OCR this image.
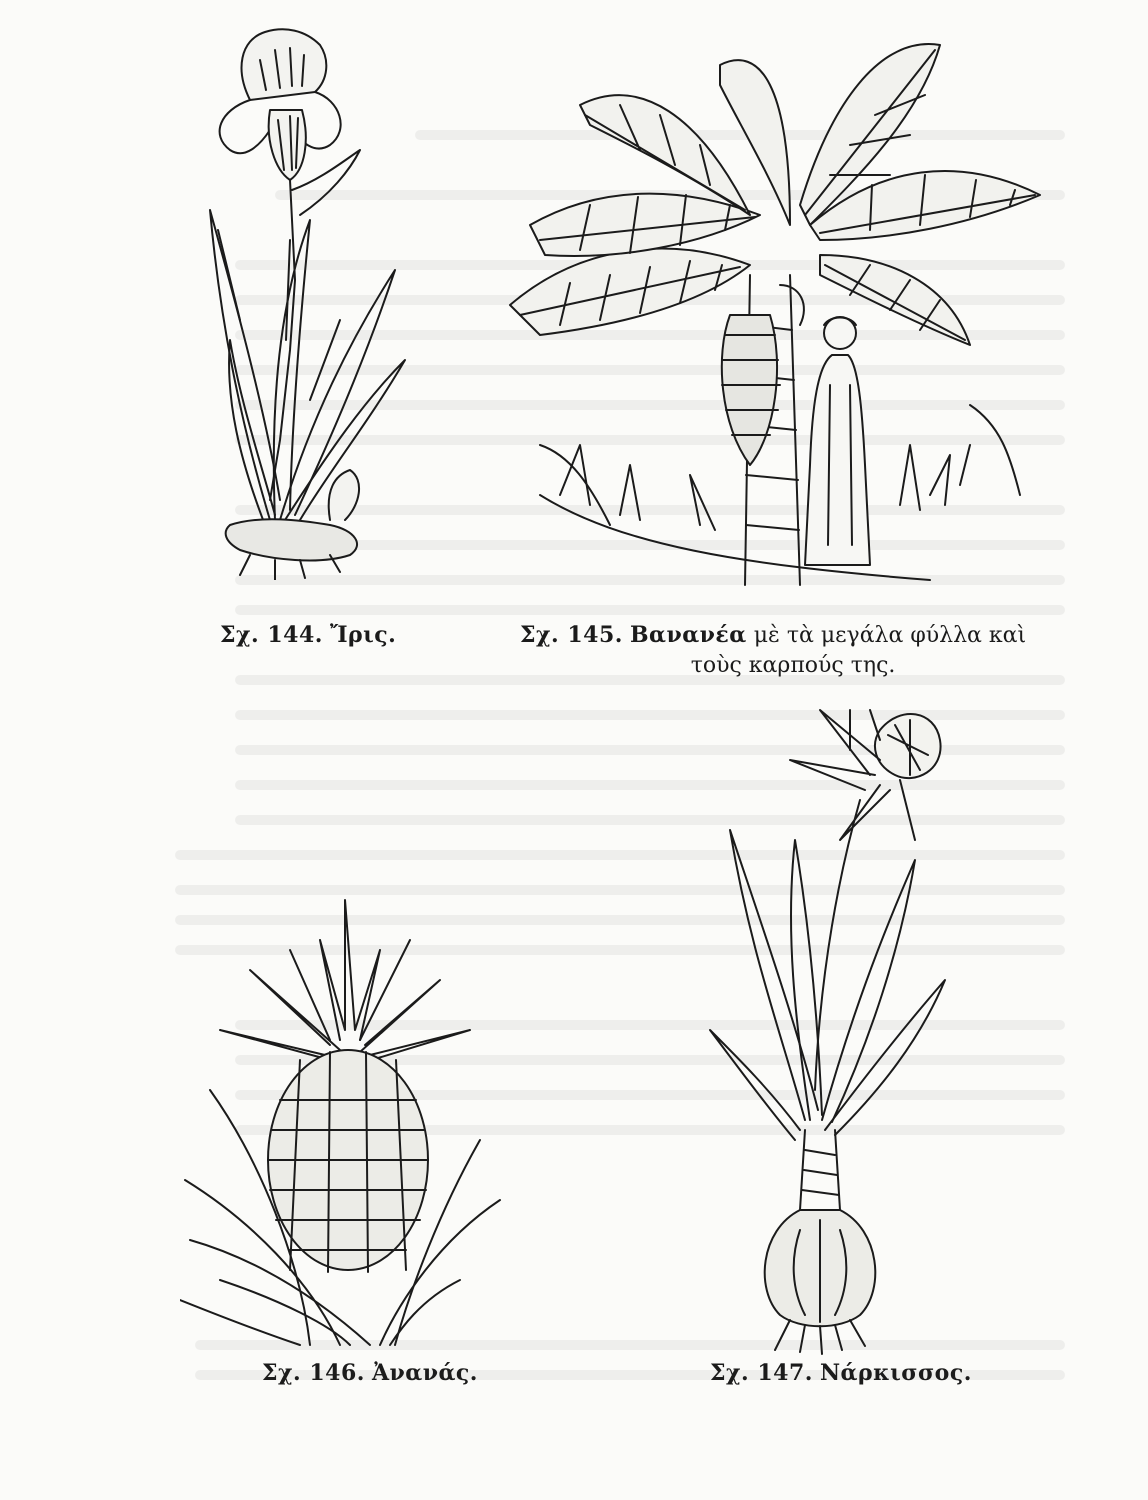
Σχ. 144. Ἴρις.	Σχ. 145. Βανανέα μὲ τὰ μεγάλα φύλλα καὶ
τοὺς καρπούς της.
Σχ. 146. Ἀνανάς.	Σχ. 147. Νάρκισσος.
